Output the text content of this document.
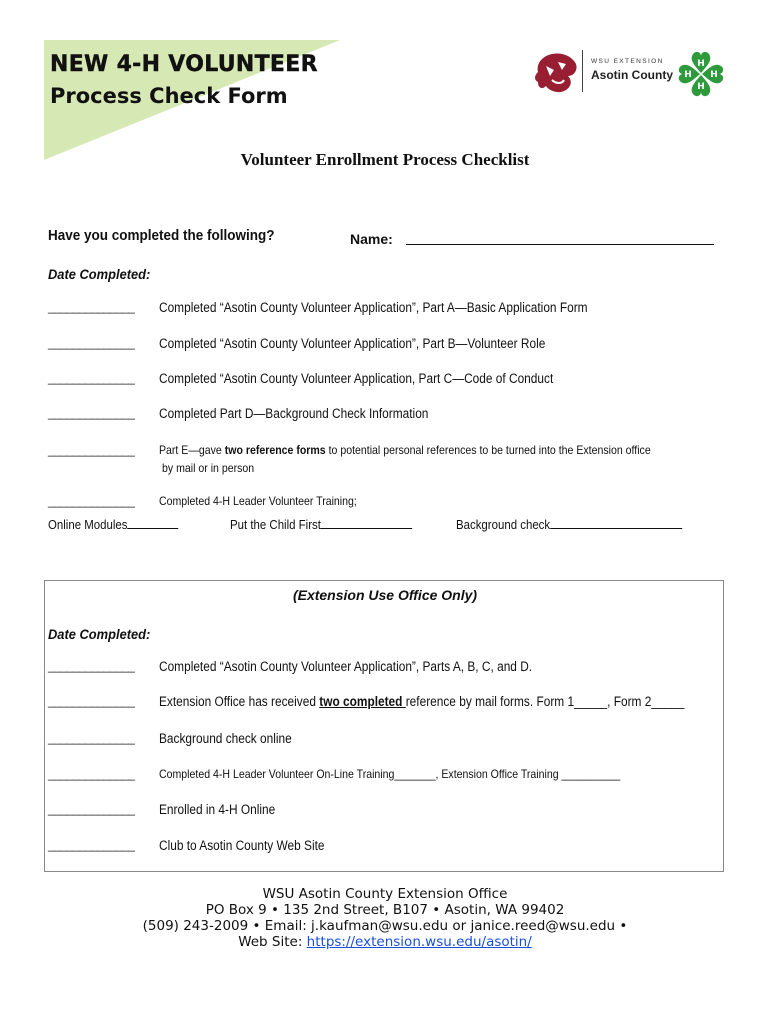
NEW 4-H VOLUNTEER
Process Check Form
WSU EXTENSION
Asotin County
H
H
H H
Volunteer Enrollment Process Checklist
Have you completed the following?	Name:
Date Completed:
______________ Completed “Asotin County Volunteer Application”, Part A—Basic Application Form
______________ Completed “Asotin County Volunteer Application”, Part B—Volunteer Role
______________ Completed “Asotin County Volunteer Application, Part C—Code of Conduct
______________ Completed Part D—Background Check Information
______________ Part E—gave two reference forms to potential personal references to be turned into the Extension office
by mail or in person
______________ Completed 4-H Leader Volunteer Training;
Online Modules	Put the Child First	Background check
(Extension Use Office Only)
Date Completed:
______________ Completed “Asotin County Volunteer Application”, Parts A, B, C, and D.
______________ Extension Office has received two completed reference by mail forms. Form 1_____, Form 2_____
______________ Background check online
______________ Completed 4-H Leader Volunteer On-Line Training_______, Extension Office Training __________
______________ Enrolled in 4-H Online
______________ Club to Asotin County Web Site
WSU Asotin County Extension Office
PO Box 9 • 135 2nd Street, B107 • Asotin, WA 99402
(509) 243-2009 • Email: j.kaufman@wsu.edu or janice.reed@wsu.edu •
Web Site: https://extension.wsu.edu/asotin/
